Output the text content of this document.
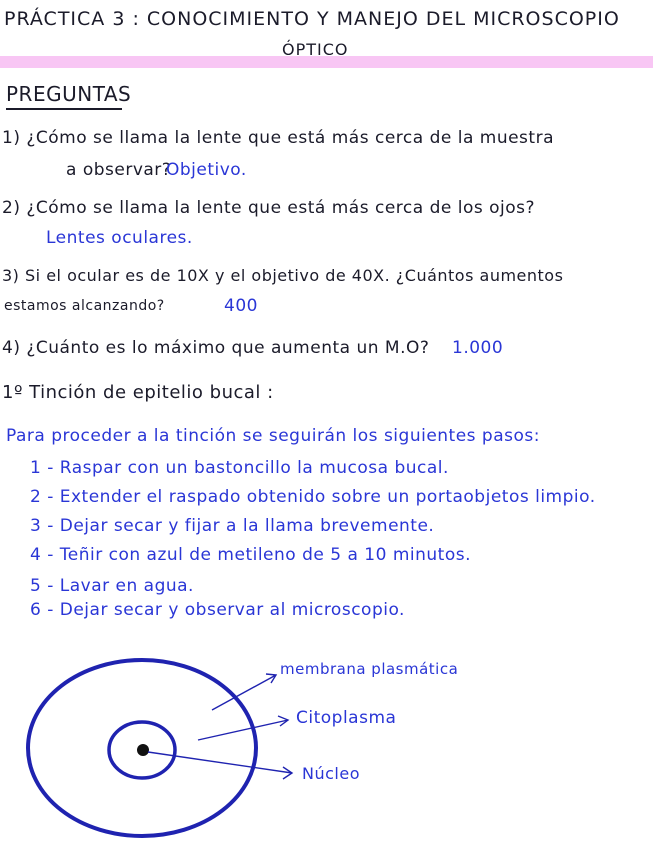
PRÁCTICA 3 : CONOCIMIENTO Y MANEJO DEL MICROSCOPIO
ÓPTICO
PREGUNTAS
1) ¿Cómo se llama la lente que está más cerca de la muestra
a observar?
Objetivo.
2) ¿Cómo se llama la lente que está más cerca de los ojos?
Lentes oculares.
3) Si el ocular es de 10X y el objetivo de 40X. ¿Cuántos aumentos
estamos alcanzando?	400
4) ¿Cuánto es lo máximo que aumenta un M.O? 1.000
1º Tinción de epitelio bucal :
Para proceder a la tinción se seguirán los siguientes pasos:
1 - Raspar con un bastoncillo la mucosa bucal.
2 - Extender el raspado obtenido sobre un portaobjetos limpio.
3 - Dejar secar y fijar a la llama brevemente.
4 - Teñir con azul de metileno de 5 a 10 minutos.
5 - Lavar en agua.
6 - Dejar secar y observar al microscopio.
membrana plasmática
Citoplasma
Núcleo
